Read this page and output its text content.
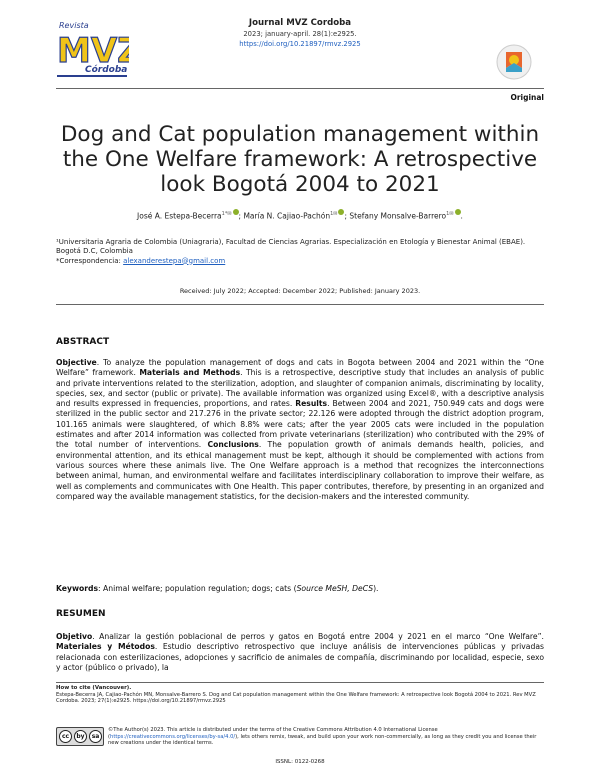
Revista
MV
Córdoba
Journal MVZ Cordoba
2023; january-april. 28(1):e2925.
https://doi.org/10.21897/rmvz.2925
Original
Dog and Cat population management within the One Welfare framework: A retrospective look Bogotá 2004 to 2021
José A. Estepa-Becerra$^{1*✉}$ ; María N. Cajiao-Pachón$^{1✉}$ ; Stefany Monsalve-Barrero$^{1✉}$ .
¹Universitaria Agraria de Colombia (Uniagraria), Facultad de Ciencias Agrarias. Especialización en Etología y Bienestar Animal (EBAE). Bogotá D.C, Colombia
*Correspondencia: alexanderestepa@gmail.com
Received: July 2022; Accepted: December 2022; Published: January 2023.
ABSTRACT
Objective. To analyze the population management of dogs and cats in Bogota between 2004 and 2021 within the “One Welfare” framework. Materials and Methods. This is a retrospective, descriptive study that includes an analysis of public and private interventions related to the sterilization, adoption, and slaughter of companion animals, discriminating by locality, species, sex, and sector (public or private). The available information was organized using Excel®, with a descriptive analysis and results expressed in frequencies, proportions, and rates. Results. Between 2004 and 2021, 750.949 cats and dogs were sterilized in the public sector and 217.276 in the private sector; 22.126 were adopted through the district adoption program, 101.165 animals were slaughtered, of which 8.8% were cats; after the year 2005 cats were included in the population estimates and after 2014 information was collected from private veterinarians (sterilization) who contributed with the 29% of the total number of interventions. Conclusions. The population growth of animals demands health, policies, and environmental attention, and its ethical management must be kept, although it should be complemented with actions from various sources where these animals live. The One Welfare approach is a method that recognizes the interconnections between animal, human, and environmental welfare and facilitates interdisciplinary collaboration to improve their welfare, as well as complements and communicates with One Health. This paper contributes, therefore, by presenting in an organized and compared way the available management statistics, for the decision-makers and the interested community.
Keywords: Animal welfare; population regulation; dogs; cats (Source MeSH, DeCS).
RESUMEN
Objetivo. Analizar la gestión poblacional de perros y gatos en Bogotá entre 2004 y 2021 en el marco “One Welfare”. Materiales y Métodos. Estudio descriptivo retrospectivo que incluye análisis de intervenciones públicas y privadas relacionada con esterilizaciones, adopciones y sacrificio de animales de compañía, discriminando por localidad, especie, sexo y actor (público o privado), la
How to cite (Vancouver).
Estepa-Becerra JA, Cajiao-Pachón MN, Monsalve-Barrero S. Dog and Cat population management within the One Welfare framework: A retrospective look Bogotá 2004 to 2021. Rev MVZ Cordoba. 2023; 27(1):e2925. https://doi.org/10.21897/rmvz.2925
cc	by	sa
©The Author(s) 2023. This article is distributed under the terms of the Creative Commons Attribution 4.0 International License (https://creativecommons.org/licenses/by-sa/4.0/), lets others remix, tweak, and build upon your work non-commercially, as long as they credit you and license their new creations under the identical terms.
ISSNL: 0122-0268
